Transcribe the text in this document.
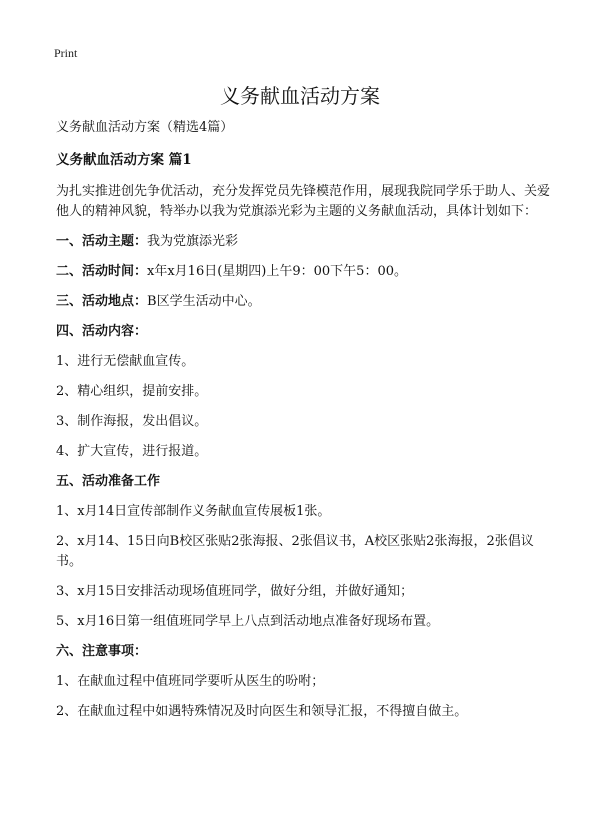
Print
义务献血活动方案

义务献血活动方案（精选4篇）

义务献血活动方案 篇1

为扎实推进创先争优活动，充分发挥党员先锋模范作用，展现我院同学乐于助人、关爱他人的精神风貌，特举办以我为党旗添光彩为主题的义务献血活动，具体计划如下：

一、活动主题：我为党旗添光彩

二、活动时间：x年x月16日(星期四)上午9：00下午5：00。

三、活动地点：B区学生活动中心。

四、活动内容：

1、进行无偿献血宣传。

2、精心组织，提前安排。

3、制作海报，发出倡议。

4、扩大宣传，进行报道。

五、活动准备工作

1、x月14日宣传部制作义务献血宣传展板1张。

2、x月14、15日向B校区张贴2张海报、2张倡议书，A校区张贴2张海报，2张倡议书。

3、x月15日安排活动现场值班同学，做好分组，并做好通知；

5、x月16日第一组值班同学早上八点到活动地点准备好现场布置。

六、注意事项：

1、在献血过程中值班同学要听从医生的吩咐；

2、在献血过程中如遇特殊情况及时向医生和领导汇报，不得擅自做主。
